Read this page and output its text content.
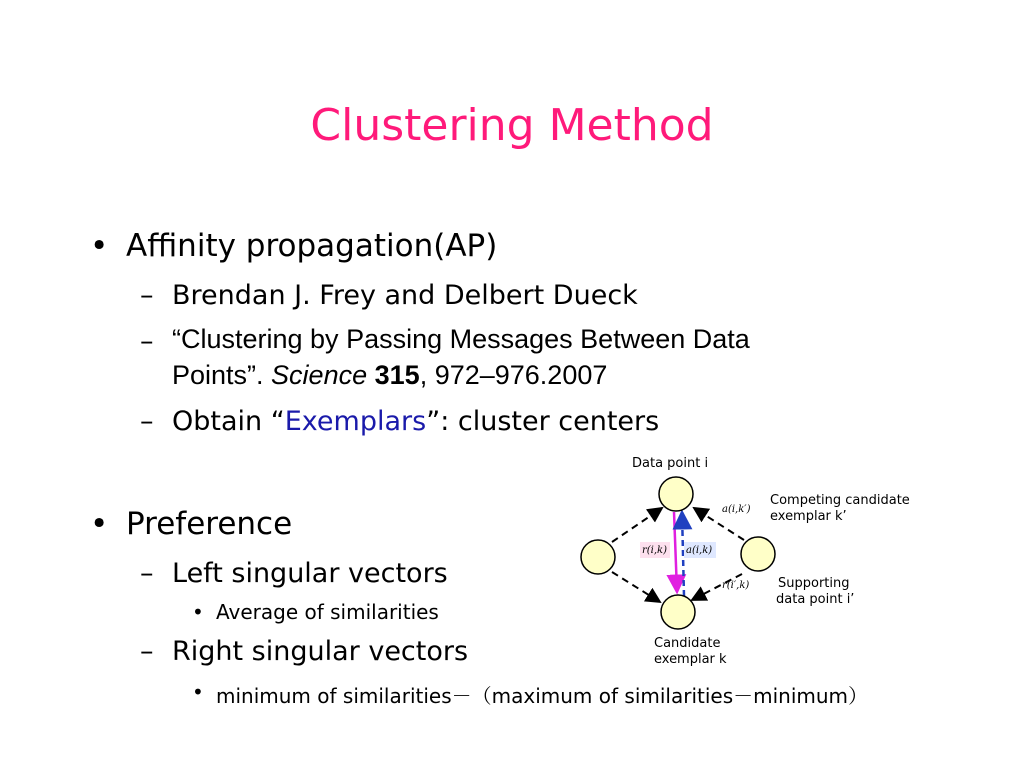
Clustering Method
• Affinity propagation(AP)
– Brendan J. Frey and Delbert Dueck
– “Clustering by Passing Messages Between Data
Points”. Science 315, 972–976.2007
– Obtain “Exemplars”: cluster centers
• Preference
– Left singular vectors
• Average of similarities
– Right singular vectors
• minimum of similarities－（maximum of similarities－minimum）
Data point i
Competing candidate
exemplar k’
Supporting
data point i’
Candidate
exemplar k
r(i,k) a(i,k)
a(i,k′)
r(i′,k)
